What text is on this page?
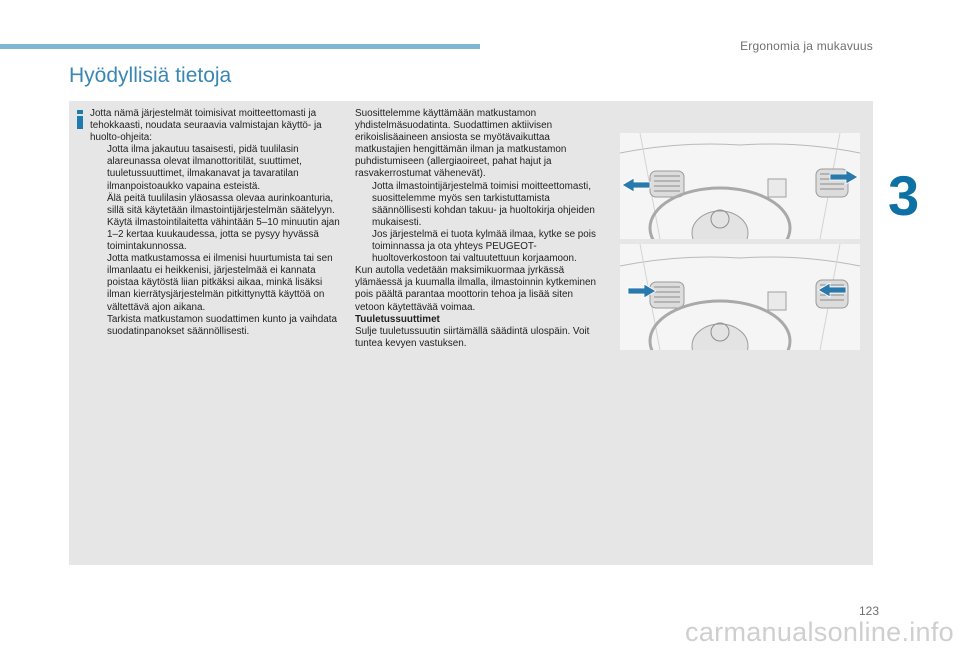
Ergonomia ja mukavuus
3
Hyödyllisiä tietoja

Jotta nämä järjestelmät toimisivat moitteettomasti ja tehokkaasti, noudata seuraavia valmistajan käyttö- ja huolto-ohjeita:

Jotta ilma jakautuu tasaisesti, pidä tuulilasin alareunassa olevat ilmanottoritilät, suuttimet, tuuletussuuttimet, ilmakanavat ja tavaratilan ilmanpoistoaukko vapaina esteistä.
Älä peitä tuulilasin yläosassa olevaa aurinkoanturia, sillä sitä käytetään ilmastointijärjestelmän säätelyyn.
Käytä ilmastointilaitetta vähintään 5–10 minuutin ajan 1–2 kertaa kuukaudessa, jotta se pysyy hyvässä toimintakunnossa.
Jotta matkustamossa ei ilmenisi huurtumista tai sen ilmanlaatu ei heikkenisi, järjestelmää ei kannata poistaa käytöstä liian pitkäksi aikaa, minkä lisäksi ilman kierrätysjärjestelmän pitkittynyttä käyttöä on vältettävä ajon aikana.
Tarkista matkustamon suodattimen kunto ja vaihdata suodatinpanokset säännöllisesti.

Suosittelemme käyttämään matkustamon yhdistelmäsuodatinta. Suodattimen aktiivisen erikoislisäaineen ansiosta se myötävaikuttaa matkustajien hengittämän ilman ja matkustamon puhdistumiseen (allergiaoireet, pahat hajut ja rasvakerrostumat vähenevät).

Jotta ilmastointijärjestelmä toimisi moitteettomasti, suosittelemme myös sen tarkistuttamista säännöllisesti kohdan takuu- ja huoltokirja ohjeiden mukaisesti.
Jos järjestelmä ei tuota kylmää ilmaa, kytke se pois toiminnassa ja ota yhteys PEUGEOT-huoltoverkostoon tai valtuutettuun korjaamoon.

Kun autolla vedetään maksimikuormaa jyrkässä ylämäessä ja kuumalla ilmalla, ilmastoinnin kytkeminen pois päältä parantaa moottorin tehoa ja lisää siten vetoon käytettävää voimaa.

Tuuletussuuttimet

Sulje tuuletussuutin siirtämällä säädintä ulospäin. Voit tuntea kevyen vastuksen.

123
carmanualsonline.info
